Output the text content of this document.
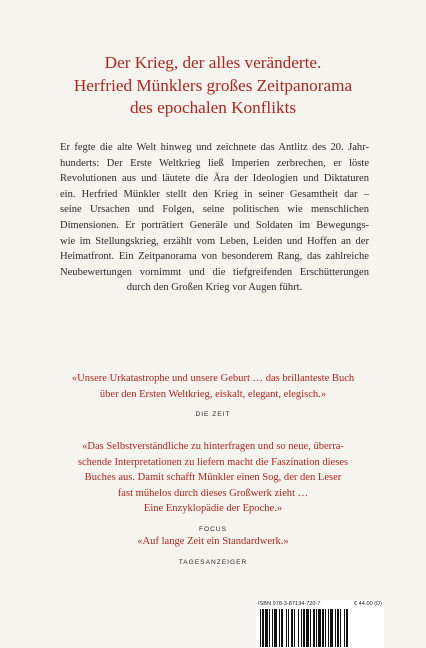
Der Krieg, der alles veränderte.
Herfried Münklers großes Zeitpanorama
des epochalen Konflikts
Er fegte die alte Welt hinweg und zeichnete das Antlitz des 20. Jahr-
hunderts: Der Erste Weltkrieg ließ Imperien zerbrechen, er löste
Revolutionen aus und läutete die Ära der Ideologien und Diktaturen
ein. Herfried Münkler stellt den Krieg in seiner Gesamtheit dar –
seine Ursachen und Folgen, seine politischen wie menschlichen
Dimensionen. Er porträtiert Generäle und Soldaten im Bewegungs-
wie im Stellungskrieg, erzählt vom Leben, Leiden und Hoffen an der
Heimatfront. Ein Zeitpanorama von besonderem Rang, das zahlreiche
Neubewertungen vornimmt und die tiefgreifenden Erschütterungen
durch den Großen Krieg vor Augen führt.
«Unsere Urkatastrophe und unsere Geburt … das brillanteste Buch
über den Ersten Weltkrieg, eiskalt, elegant, elegisch.»
DIE ZEIT
«Das Selbstverständliche zu hinterfragen und so neue, überra-
schende Interpretationen zu liefern macht die Faszination dieses
Buches aus. Damit schafft Münkler einen Sog, der den Leser
fast mühelos durch dieses Großwerk zieht …
Eine Enzyklopädie der Epoche.»
FOCUS
«Auf lange Zeit ein Standardwerk.»
TAGESANZEIGER
ISBN 978-3-87134-720-7	€ 44.00 (D)
